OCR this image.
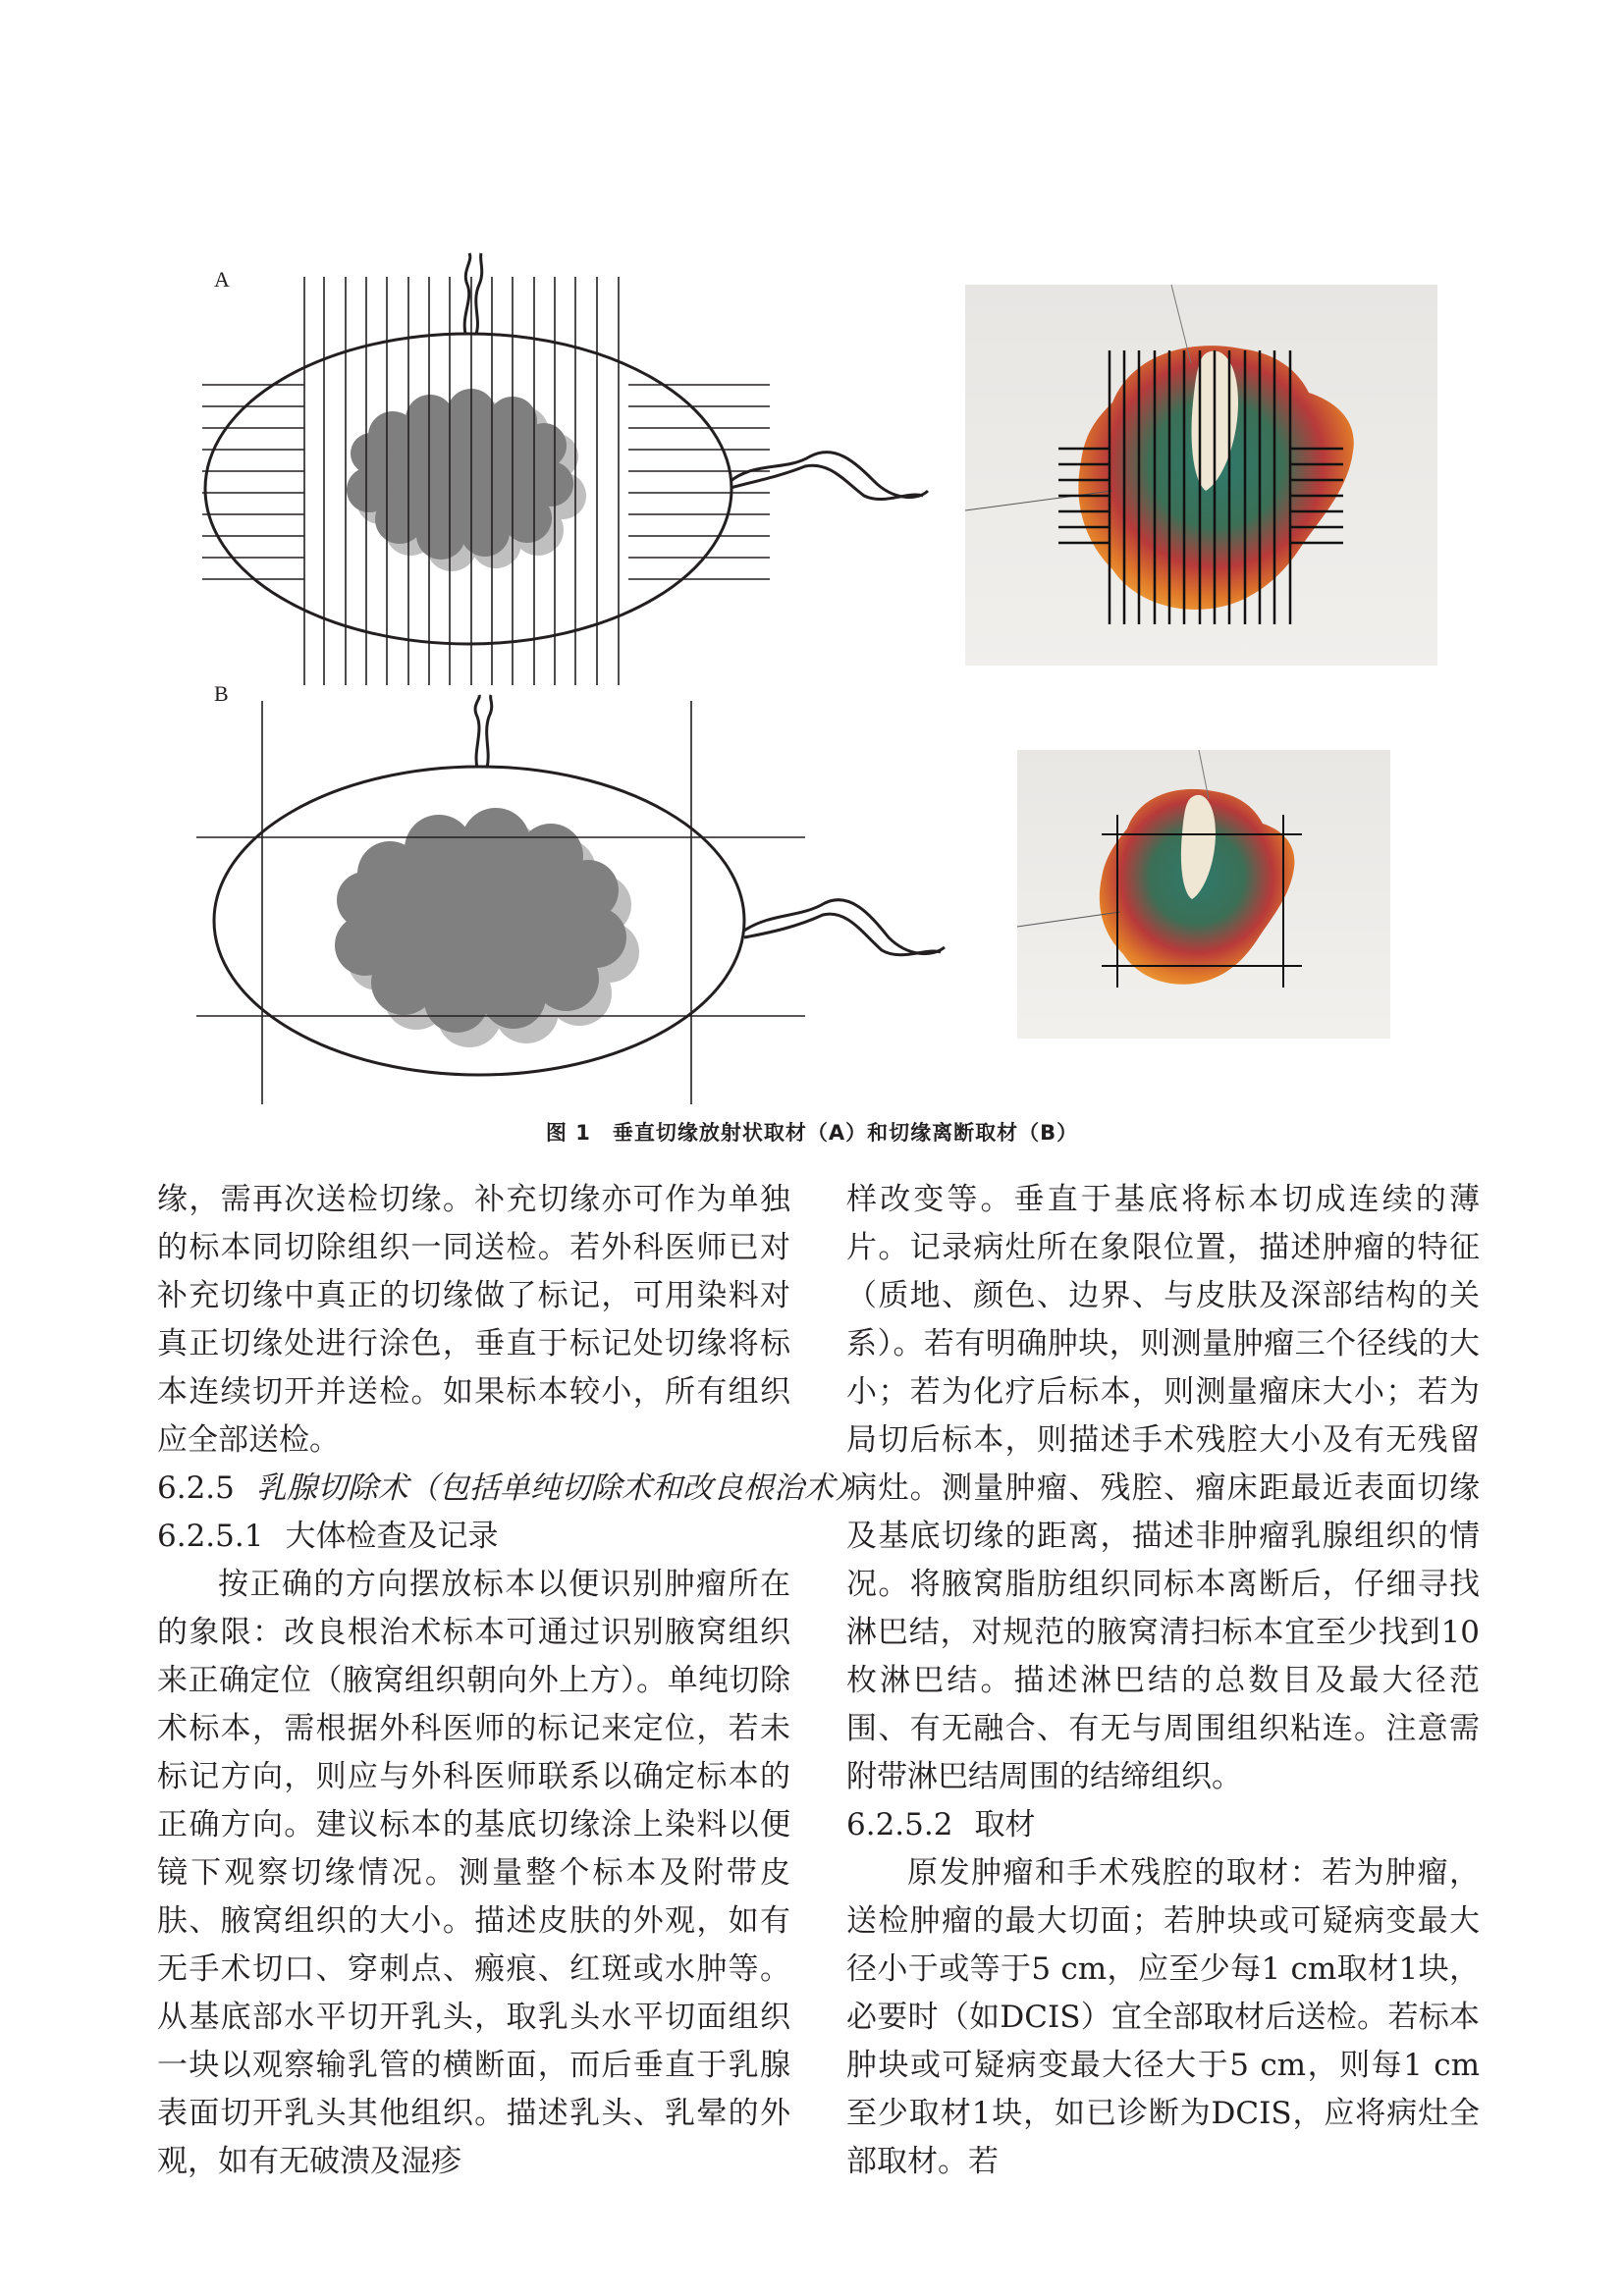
A
B
图 1　垂直切缘放射状取材（A）和切缘离断取材（B）

缘，需再次送检切缘。补充切缘亦可作为单独的标本同切除组织一同送检。若外科医师已对补充切缘中真正的切缘做了标记，可用染料对真正切缘处进行涂色，垂直于标记处切缘将标本连续切开并送检。如果标本较小，所有组织应全部送检。

6.2.5 乳腺切除术（包括单纯切除术和改良根治术）

6.2.5.1 大体检查及记录

按正确的方向摆放标本以便识别肿瘤所在的象限：改良根治术标本可通过识别腋窝组织来正确定位（腋窝组织朝向外上方）。单纯切除术标本，需根据外科医师的标记来定位，若未标记方向，则应与外科医师联系以确定标本的正确方向。建议标本的基底切缘涂上染料以便镜下观察切缘情况。测量整个标本及附带皮肤、腋窝组织的大小。描述皮肤的外观，如有无手术切口、穿刺点、瘢痕、红斑或水肿等。从基底部水平切开乳头，取乳头水平切面组织一块以观察输乳管的横断面，而后垂直于乳腺表面切开乳头其他组织。描述乳头、乳晕的外观，如有无破溃及湿疹

样改变等。垂直于基底将标本切成连续的薄片。记录病灶所在象限位置，描述肿瘤的特征（质地、颜色、边界、与皮肤及深部结构的关系）。若有明确肿块，则测量肿瘤三个径线的大小；若为化疗后标本，则测量瘤床大小；若为局切后标本，则描述手术残腔大小及有无残留病灶。测量肿瘤、残腔、瘤床距最近表面切缘及基底切缘的距离，描述非肿瘤乳腺组织的情况。将腋窝脂肪组织同标本离断后，仔细寻找淋巴结，对规范的腋窝清扫标本宜至少找到10枚淋巴结。描述淋巴结的总数目及最大径范围、有无融合、有无与周围组织粘连。注意需附带淋巴结周围的结缔组织。

6.2.5.2 取材

原发肿瘤和手术残腔的取材：若为肿瘤，送检肿瘤的最大切面；若肿块或可疑病变最大径小于或等于5 cm，应至少每1 cm取材1块，必要时（如DCIS）宜全部取材后送检。若标本肿块或可疑病变最大径大于5 cm，则每1 cm至少取材1块，如已诊断为DCIS，应将病灶全部取材。若
